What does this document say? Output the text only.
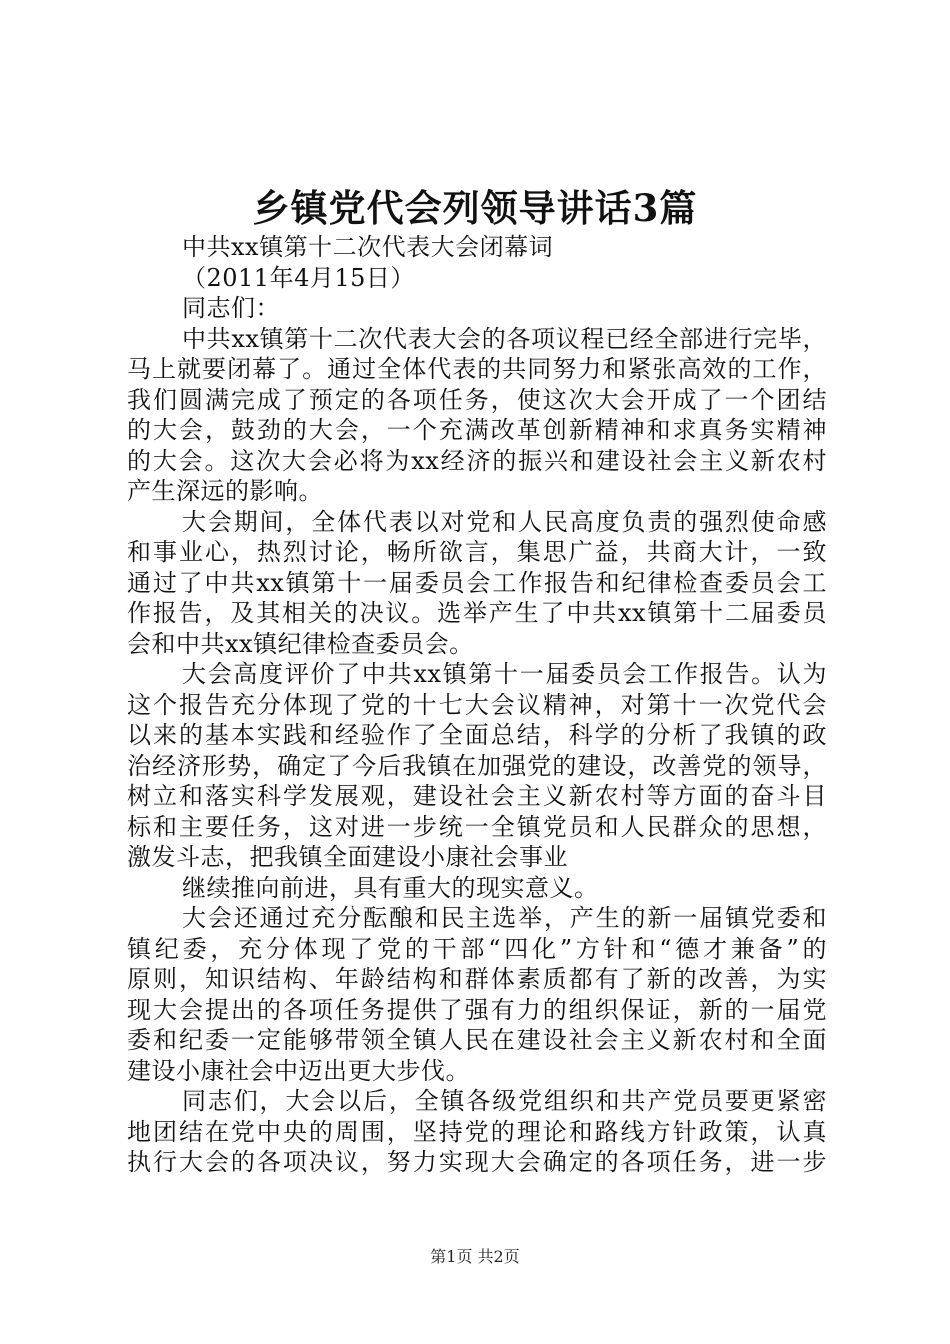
乡镇党代会列领导讲话3篇
中共xx镇第十二次代表大会闭幕词
（2011年4月15日）
同志们：
中共xx镇第十二次代表大会的各项议程已经全部进行完毕，
马上就要闭幕了。通过全体代表的共同努力和紧张高效的工作，
我们圆满完成了预定的各项任务，使这次大会开成了一个团结
的大会，鼓劲的大会，一个充满改革创新精神和求真务实精神
的大会。这次大会必将为xx经济的振兴和建设社会主义新农村
产生深远的影响。
大会期间，全体代表以对党和人民高度负责的强烈使命感
和事业心，热烈讨论，畅所欲言，集思广益，共商大计，一致
通过了中共xx镇第十一届委员会工作报告和纪律检查委员会工
作报告，及其相关的决议。选举产生了中共xx镇第十二届委员
会和中共xx镇纪律检查委员会。
大会高度评价了中共xx镇第十一届委员会工作报告。认为
这个报告充分体现了党的十七大会议精神，对第十一次党代会
以来的基本实践和经验作了全面总结，科学的分析了我镇的政
治经济形势，确定了今后我镇在加强党的建设，改善党的领导，
树立和落实科学发展观，建设社会主义新农村等方面的奋斗目
标和主要任务，这对进一步统一全镇党员和人民群众的思想，
激发斗志，把我镇全面建设小康社会事业
继续推向前进，具有重大的现实意义。
大会还通过充分酝酿和民主选举，产生的新一届镇党委和
镇纪委，充分体现了党的干部“四化”方针和“德才兼备”的
原则，知识结构、年龄结构和群体素质都有了新的改善，为实
现大会提出的各项任务提供了强有力的组织保证，新的一届党
委和纪委一定能够带领全镇人民在建设社会主义新农村和全面
建设小康社会中迈出更大步伐。
同志们，大会以后，全镇各级党组织和共产党员要更紧密
地团结在党中央的周围，坚持党的理论和路线方针政策，认真
执行大会的各项决议，努力实现大会确定的各项任务，进一步
第1页 共2页
